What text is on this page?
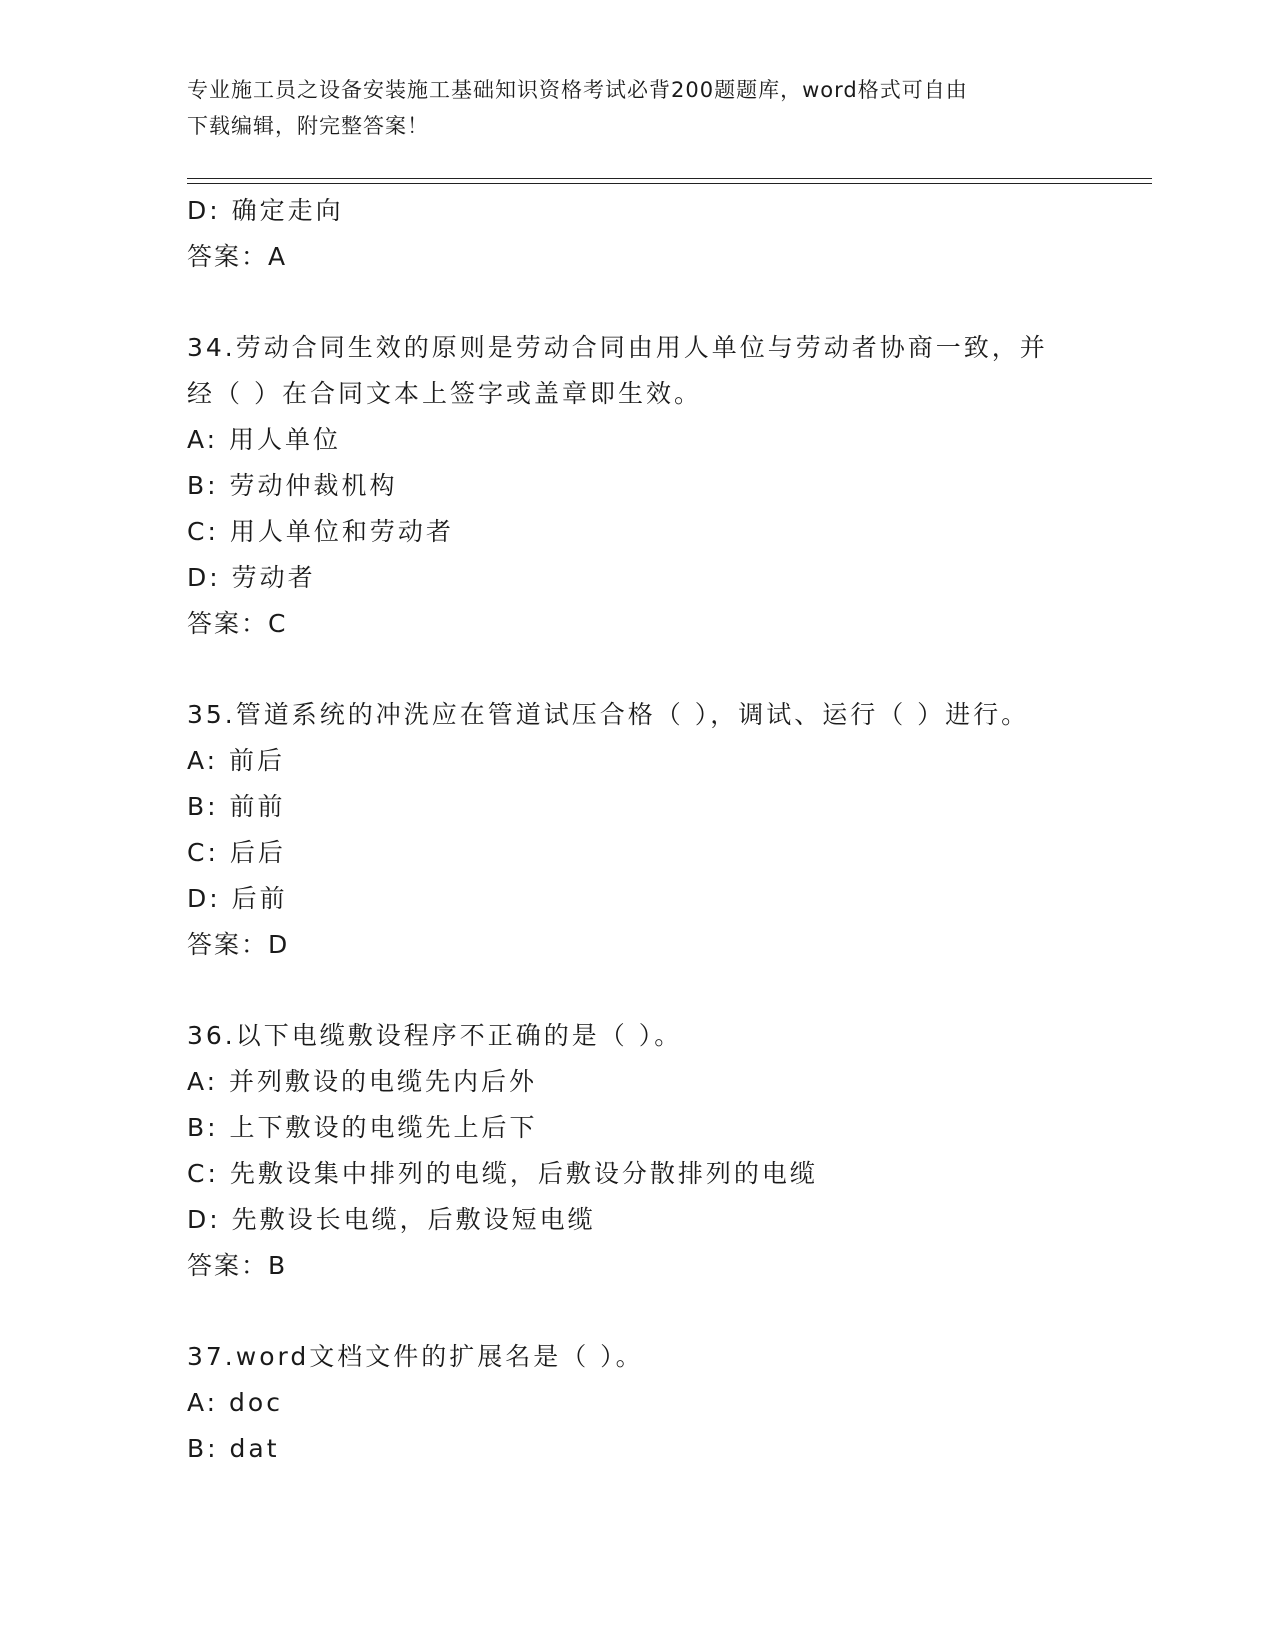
专业施工员之设备安装施工基础知识资格考试必背200题题库，word格式可自由
下载编辑，附完整答案！
D: 确定走向
答案：A
34.劳动合同生效的原则是劳动合同由用人单位与劳动者协商一致，并
经（ ）在合同文本上签字或盖章即生效。
A: 用人单位
B: 劳动仲裁机构
C: 用人单位和劳动者
D: 劳动者
答案：C
35.管道系统的冲洗应在管道试压合格（ ），调试、运行（ ）进行。
A: 前后
B: 前前
C: 后后
D: 后前
答案：D
36.以下电缆敷设程序不正确的是（ ）。
A: 并列敷设的电缆先内后外
B: 上下敷设的电缆先上后下
C: 先敷设集中排列的电缆，后敷设分散排列的电缆
D: 先敷设长电缆，后敷设短电缆
答案：B
37.word文档文件的扩展名是（ ）。
A: doc
B: dat
